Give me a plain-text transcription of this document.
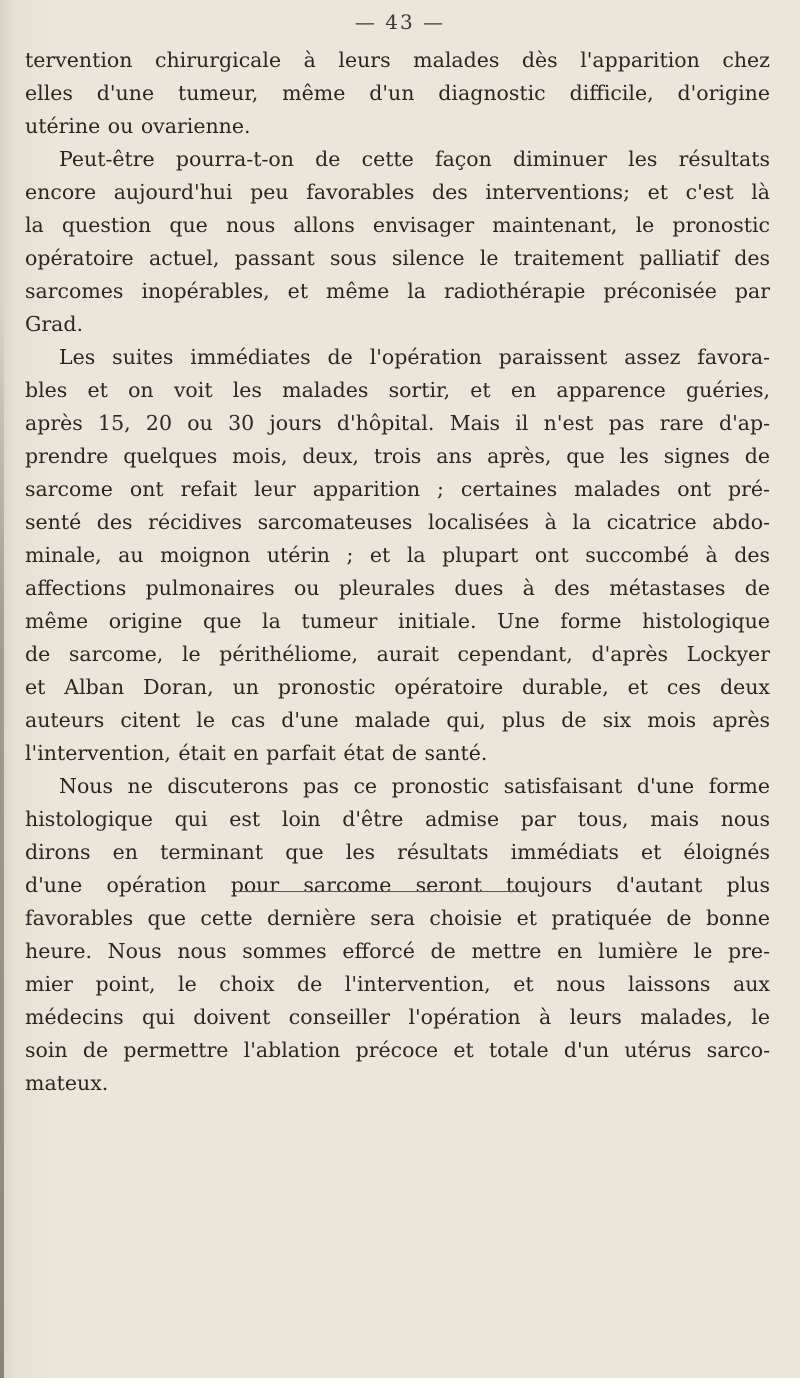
— 43 —
tervention chirurgicale à leurs malades dès l'apparition chez
elles d'une tumeur, même d'un diagnostic difficile, d'origine
utérine ou ovarienne.
Peut-être pourra-t-on de cette façon diminuer les résultats
encore aujourd'hui peu favorables des interventions; et c'est là
la question que nous allons envisager maintenant, le pronostic
opératoire actuel, passant sous silence le traitement palliatif des
sarcomes inopérables, et même la radiothérapie préconisée par
Grad.
Les suites immédiates de l'opération paraissent assez favora-
bles et on voit les malades sortir, et en apparence guéries,
après 15, 20 ou 30 jours d'hôpital. Mais il n'est pas rare d'ap-
prendre quelques mois, deux, trois ans après, que les signes de
sarcome ont refait leur apparition ; certaines malades ont pré-
senté des récidives sarcomateuses localisées à la cicatrice abdo-
minale, au moignon utérin ; et la plupart ont succombé à des
affections pulmonaires ou pleurales dues à des métastases de
même origine que la tumeur initiale. Une forme histologique
de sarcome, le périthéliome, aurait cependant, d'après Lockyer
et Alban Doran, un pronostic opératoire durable, et ces deux
auteurs citent le cas d'une malade qui, plus de six mois après
l'intervention, était en parfait état de santé.
Nous ne discuterons pas ce pronostic satisfaisant d'une forme
histologique qui est loin d'être admise par tous, mais nous
dirons en terminant que les résultats immédiats et éloignés
d'une opération pour sarcome seront toujours d'autant plus
favorables que cette dernière sera choisie et pratiquée de bonne
heure. Nous nous sommes efforcé de mettre en lumière le pre-
mier point, le choix de l'intervention, et nous laissons aux
médecins qui doivent conseiller l'opération à leurs malades, le
soin de permettre l'ablation précoce et totale d'un utérus sarco-
mateux.
